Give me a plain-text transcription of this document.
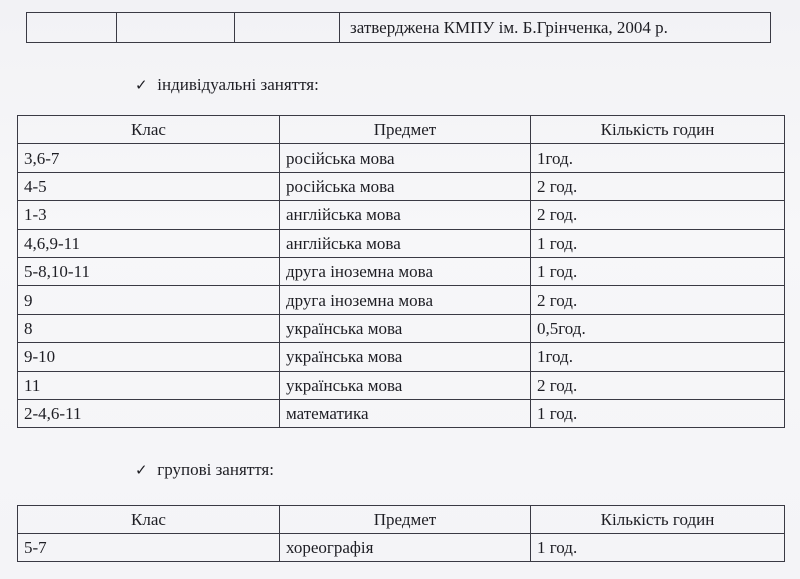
			затверджена КМПУ ім. Б.Грінченка, 2004 р.
✓ індивідуальні заняття:
Клас	Предмет	Кількість годин
3,6-7	російська мова	1год.
4-5	російська мова	2 год.
1-3	англійська мова	2 год.
4,6,9-11	англійська мова	1 год.
5-8,10-11	друга іноземна мова	1 год.
9	друга іноземна мова	2 год.
8	українська мова	0,5год.
9-10	українська мова	1год.
11	українська мова	2 год.
2-4,6-11	математика	1 год.
✓ групові заняття:
Клас	Предмет	Кількість годин
5-7	хореографія	1 год.
